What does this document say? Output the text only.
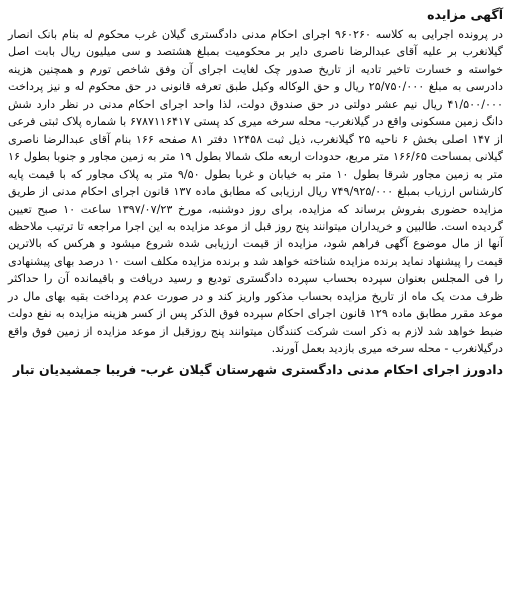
آگهی مزایده

در پرونده اجرایی به کلاسه ۹۶۰۲۶۰ اجرای احکام مدنی دادگستری گیلان غرب محکوم له بنام بانک انصار گیلانغرب بر علیه آقای عبدالرضا ناصری دایر بر محکومیت بمبلغ هشتصد و سی میلیون ریال بابت اصل خواسته و خسارت تاخیر تادیه از تاریخ صدور چک لغایت اجرای آن وفق شاخص تورم و همچنین هزینه دادرسی به مبلغ ۲۵/۷۵۰/۰۰۰ ریال و حق الوکاله وکیل طبق تعرفه قانونی در حق محکوم له و نیز پرداخت ۴۱/۵۰۰/۰۰۰ ریال نیم عشر دولتی در حق صندوق دولت، لذا واحد اجرای احکام مدنی در نظر دارد شش دانگ زمین مسکونی واقع در گیلانغرب- محله سرخه میری کد پستی ۶۷۸۷۱۱۶۴۱۷ با شماره پلاک ثبتی فرعی از ۱۴۷ اصلی بخش ۶ ناحیه ۲۵ گیلانغرب، ذیل ثبت ۱۲۴۵۸ دفتر ۸۱ صفحه ۱۶۶ بنام آقای عبدالرضا ناصری گیلانی بمساحت ۱۶۶/۶۵ متر مربع، حدودات اربعه ملک شمالا بطول ۱۹ متر به زمین مجاور و جنوبا بطول ۱۶ متر به زمین مجاور شرقا بطول ۱۰ متر به خیابان و غربا بطول ۹/۵۰ متر به پلاک مجاور که با قیمت پایه کارشناس ارزیاب بمبلغ ۷۴۹/۹۲۵/۰۰۰ ریال ارزیابی که مطابق ماده ۱۳۷ قانون اجرای احکام مدنی از طریق مزایده حضوری بفروش برساند که مزایده، برای روز دوشنبه، مورخ ۱۳۹۷/۰۷/۲۳ ساعت ۱۰ صبح تعیین گردیده است. طالبین و خریداران میتوانند پنج روز قبل از موعد مزایده به این اجرا مراجعه تا ترتیب ملاحظه آنها از مال موضوع آگهی فراهم شود، مزایده از قیمت ارزیابی شده شروع میشود و هرکس که بالاترین قیمت را پیشنهاد نماید برنده مزایده شناخته خواهد شد و برنده مزایده مکلف است ۱۰ درصد بهای پیشنهادی را فی المجلس بعنوان سپرده بحساب سپرده دادگستری تودیع و رسید دریافت و باقیمانده آن را حداکثر ظرف مدت یک ماه از تاریخ مزایده بحساب مذکور واریز کند و در صورت عدم پرداخت بقیه بهای مال در موعد مقرر مطابق ماده ۱۲۹ قانون اجرای احکام سپرده فوق الذکر پس از کسر هزینه مزایده به نفع دولت ضبط خواهد شد لازم به ذکر است شرکت کنندگان میتوانند پنج روزقبل از موعد مزایده از زمین فوق واقع درگیلانغرب - محله سرخه میری بازدید بعمل آورند.

دادورز اجرای احکام مدنی دادگستری شهرستان گیلان غرب- فریبا جمشیدیان تبار
